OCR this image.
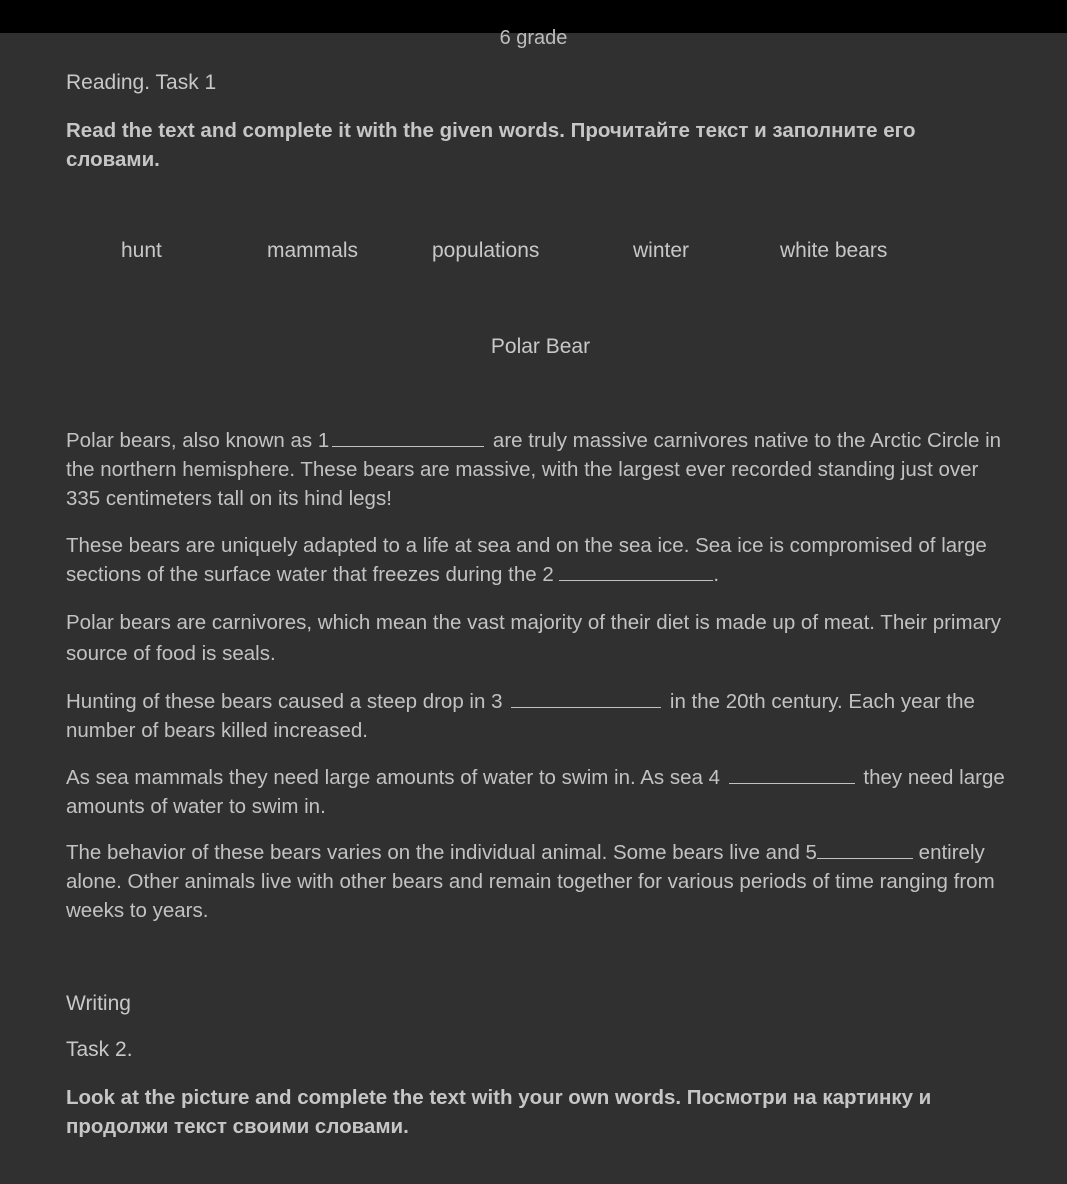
6 grade
Reading. Task 1
Read the text and complete it with the given words. Прочитайте текст и заполните его словами.
hunt	mammals	populations	winter	white bears
Polar Bear
Polar bears, also known as 1	are truly massive carnivores native to the Arctic Circle in the northern hemisphere. These bears are massive, with the largest ever recorded standing just over 335 centimeters tall on its hind legs!
These bears are uniquely adapted to a life at sea and on the sea ice. Sea ice is compromised of large sections of the surface water that freezes during the 2	.
Polar bears are carnivores, which mean the vast majority of their diet is made up of meat. Their primary source of food is seals.
Hunting of these bears caused a steep drop in 3	in the 20th century. Each year the number of bears killed increased.
As sea mammals they need large amounts of water to swim in. As sea 4	they need large amounts of water to swim in.
The behavior of these bears varies on the individual animal. Some bears live and 5	entirely alone. Other animals live with other bears and remain together for various periods of time ranging from weeks to years.
Writing
Task 2.
Look at the picture and complete the text with your own words. Посмотри на картинку и продолжи текст своими словами.
